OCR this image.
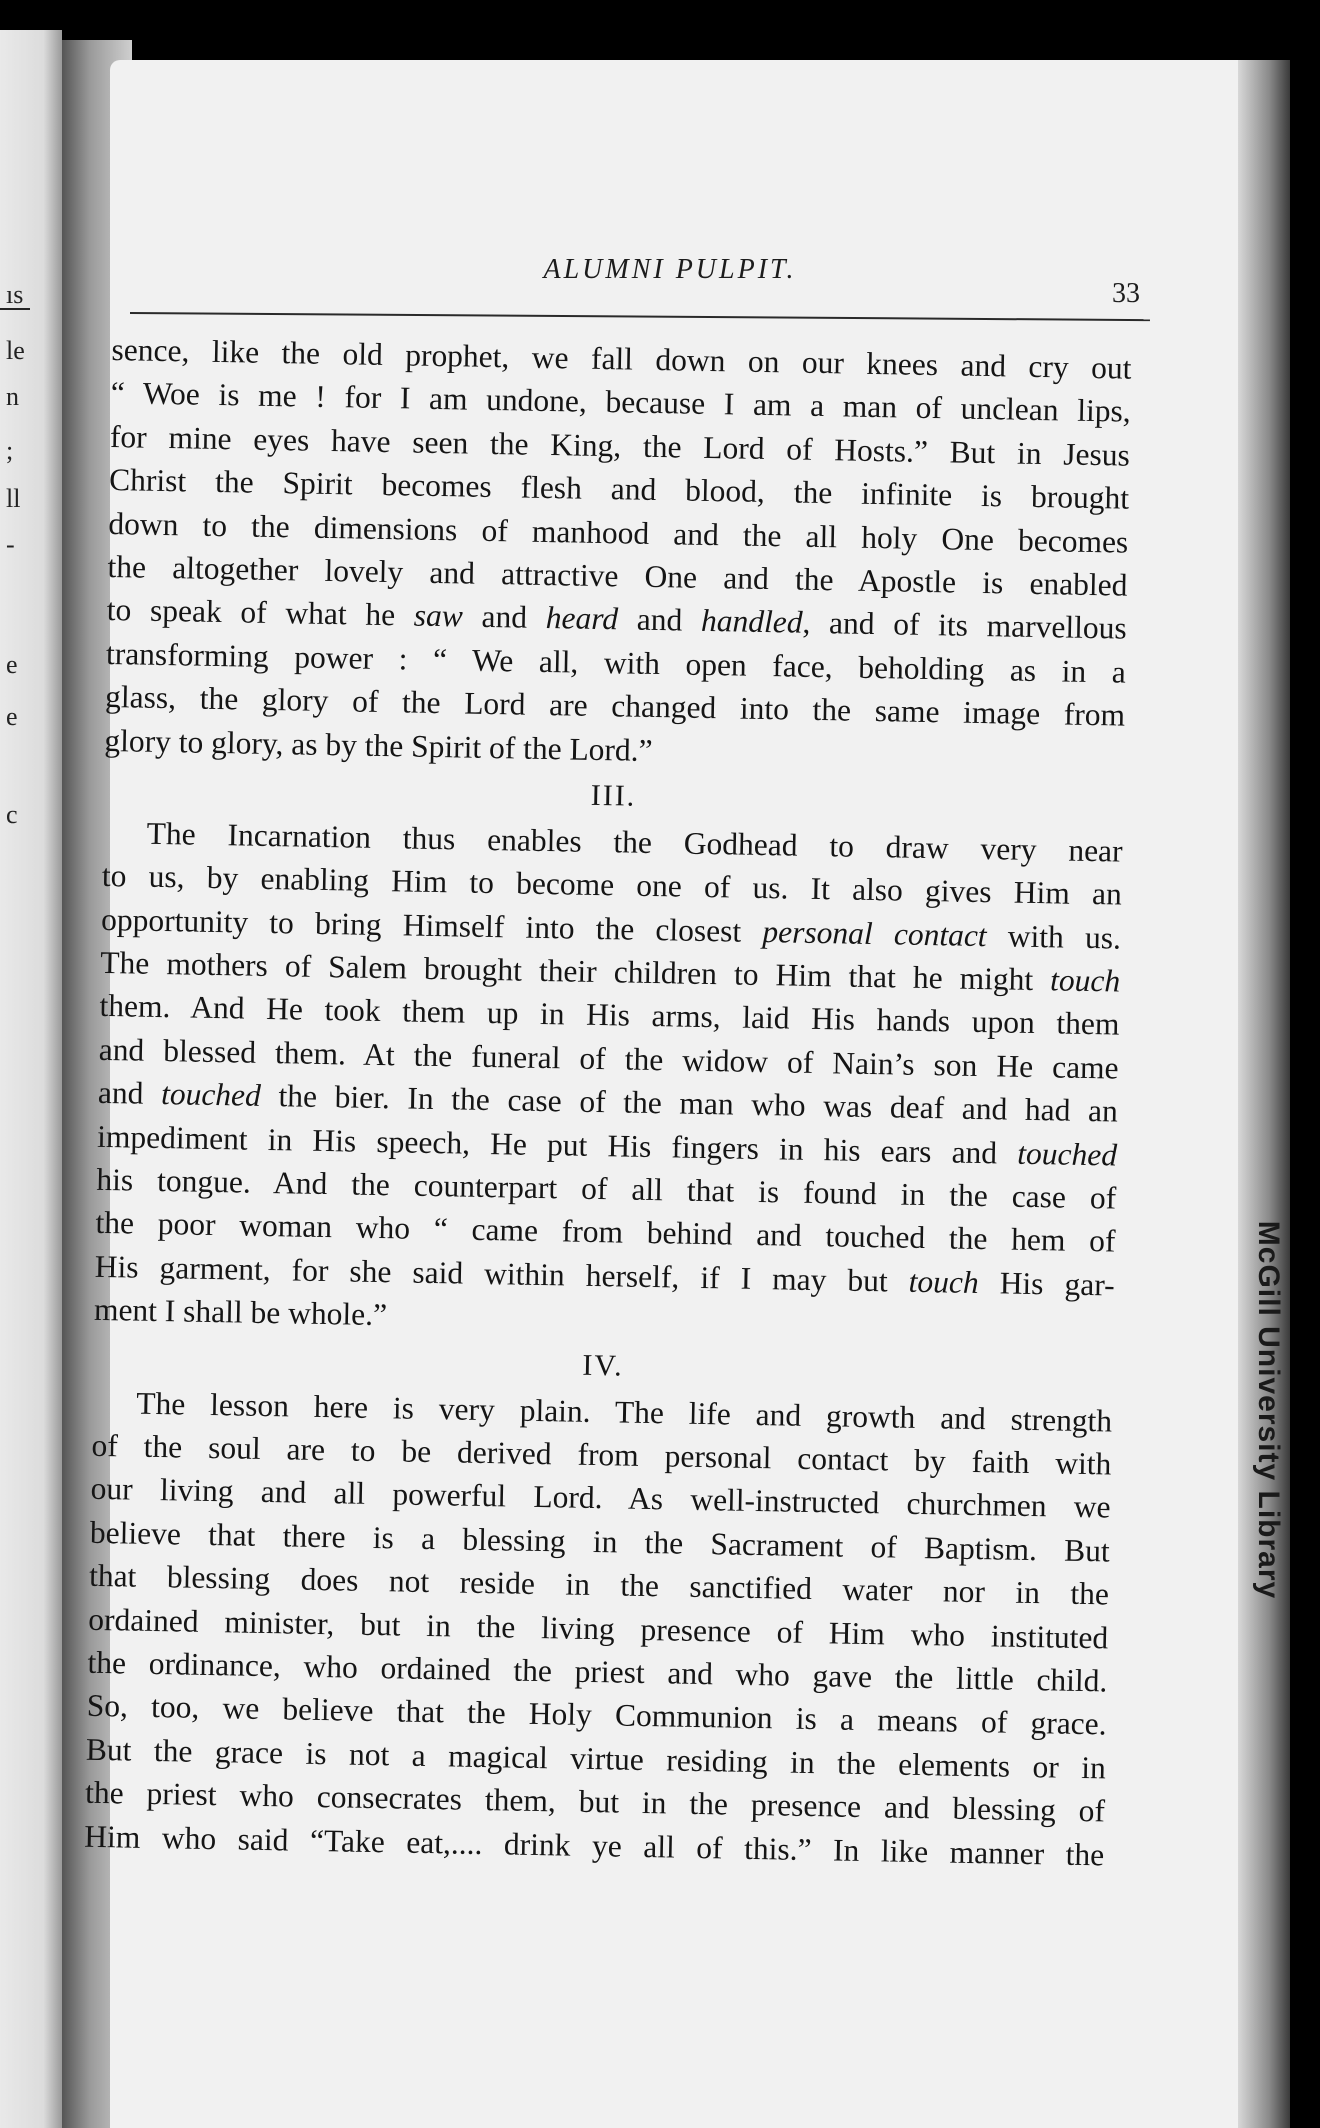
ıs
le
n
;
ll
-
e
e
c
McGill University Library
ALUMNI PULPIT.
33
sence, like the old prophet, we fall down on our knees and cry out
“ Woe is me ! for I am undone, because I am a man of unclean lips,
for mine eyes have seen the King, the Lord of Hosts.” But in Jesus
Christ the Spirit becomes flesh and blood, the infinite is brought
down to the dimensions of manhood and the all holy One becomes
the altogether lovely and attractive One and the Apostle is enabled
to speak of what he saw and heard and handled, and of its marvellous
transforming power : “ We all, with open face, beholding as in a
glass, the glory of the Lord are changed into the same image from
glory to glory, as by the Spirit of the Lord.”
III.
The Incarnation thus enables the Godhead to draw very near
to us, by enabling Him to become one of us. It also gives Him an
opportunity to bring Himself into the closest personal contact with us.
The mothers of Salem brought their children to Him that he might touch
them. And He took them up in His arms, laid His hands upon them
and blessed them. At the funeral of the widow of Nain’s son He came
and touched the bier. In the case of the man who was deaf and had an
impediment in His speech, He put His fingers in his ears and touched
his tongue. And the counterpart of all that is found in the case of
the poor woman who “ came from behind and touched the hem of
His garment, for she said within herself, if I may but touch His gar-
ment I shall be whole.”
IV.
The lesson here is very plain. The life and growth and strength
of the soul are to be derived from personal contact by faith with
our living and all powerful Lord. As well-instructed churchmen we
believe that there is a blessing in the Sacrament of Baptism. But
that blessing does not reside in the sanctified water nor in the
ordained minister, but in the living presence of Him who instituted
the ordinance, who ordained the priest and who gave the little child.
So, too, we believe that the Holy Communion is a means of grace.
But the grace is not a magical virtue residing in the elements or in
the priest who consecrates them, but in the presence and blessing of
Him who said “Take eat,.... drink ye all of this.” In like manner the
